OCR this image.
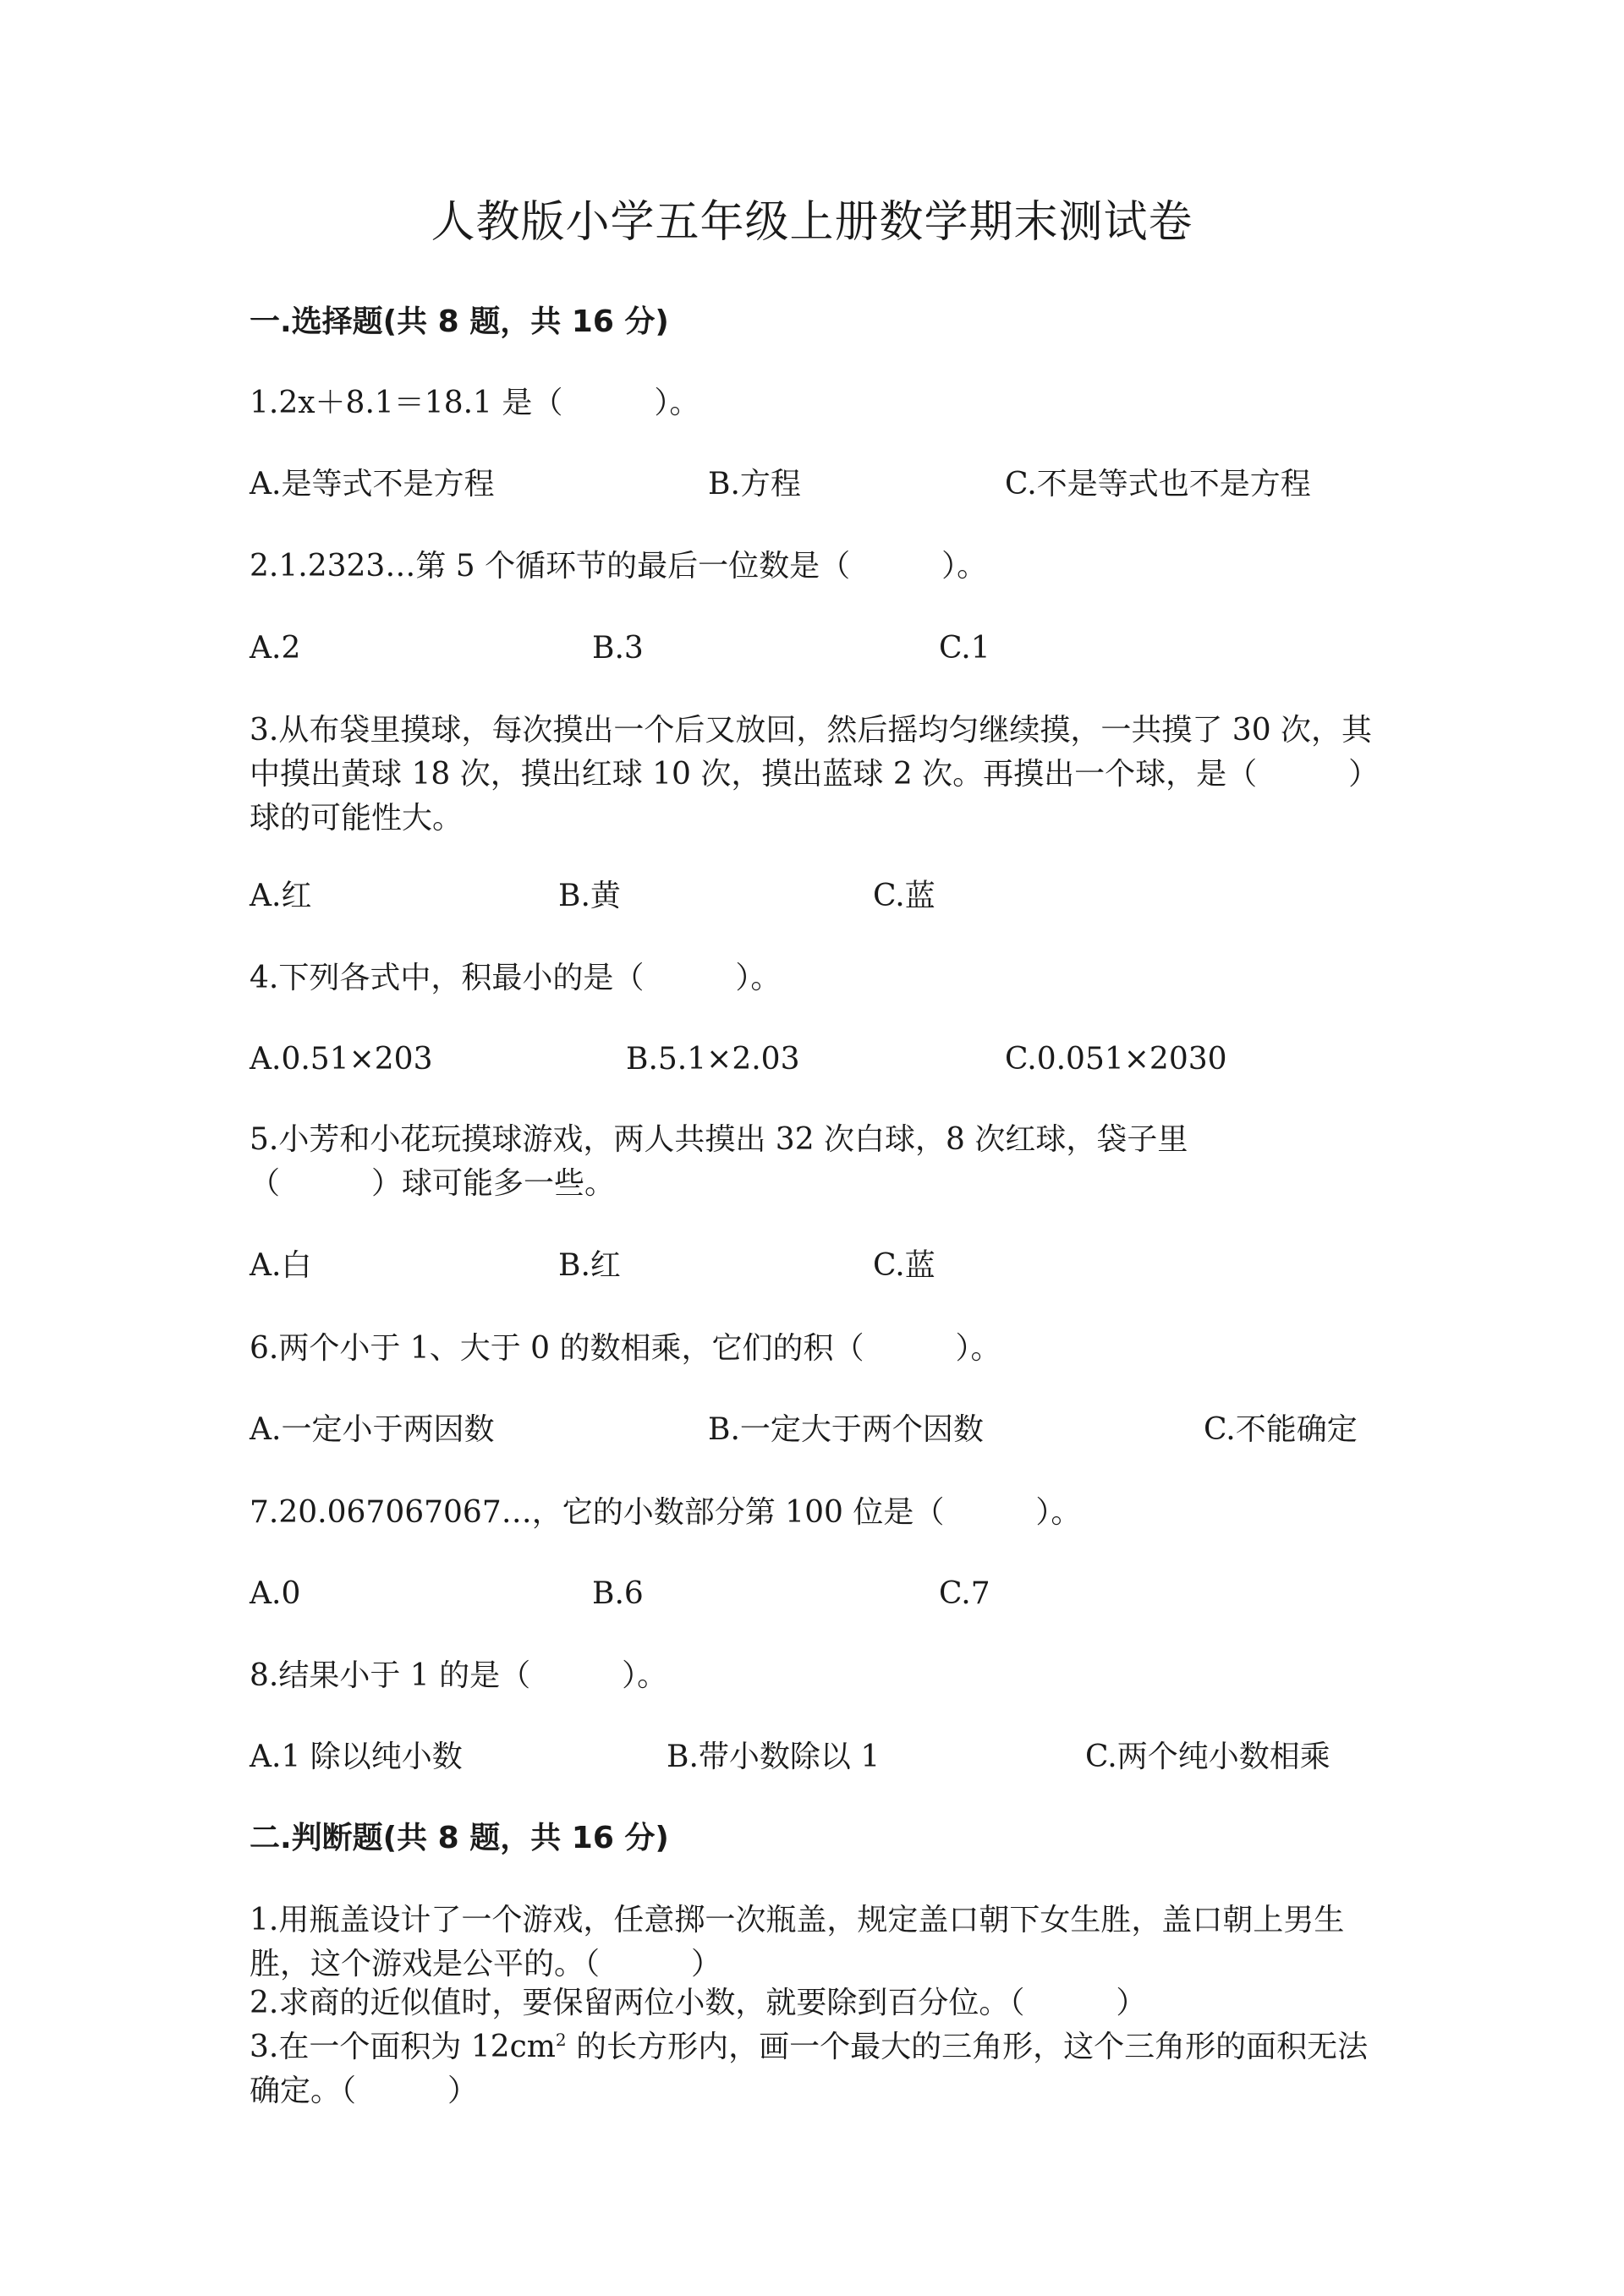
人教版小学五年级上册数学期末测试卷
一.选择题(共 8 题，共 16 分)
1.2x＋8.1＝18.1 是（　　　）。
A.是等式不是方程	B.方程	C.不是等式也不是方程
2.1.2323…第 5 个循环节的最后一位数是（　　　）。
A.2	B.3	C.1
3.从布袋里摸球，每次摸出一个后又放回，然后摇均匀继续摸，一共摸了 30 次，其中摸出黄球 18 次，摸出红球 10 次，摸出蓝球 2 次。再摸出一个球，是（　　　）球的可能性大。
A.红	B.黄	C.蓝
4.下列各式中，积最小的是（　　　）。
A.0.51×203	B.5.1×2.03	C.0.051×2030
5.小芳和小花玩摸球游戏，两人共摸出 32 次白球，8 次红球，袋子里（　　　）球可能多一些。
A.白	B.红	C.蓝
6.两个小于 1、大于 0 的数相乘，它们的积（　　　）。
A.一定小于两因数	B.一定大于两个因数	C.不能确定
7.20.067067067…，它的小数部分第 100 位是（　　　）。
A.0	B.6	C.7
8.结果小于 1 的是（　　　）。
A.1 除以纯小数	B.带小数除以 1	C.两个纯小数相乘
二.判断题(共 8 题，共 16 分)
1.用瓶盖设计了一个游戏，任意掷一次瓶盖，规定盖口朝下女生胜，盖口朝上男生胜，这个游戏是公平的。（　　　）
2.求商的近似值时，要保留两位小数，就要除到百分位。（　　　）
3.在一个面积为 $12cm^2$ 的长方形内，画一个最大的三角形，这个三角形的面积无法确定。（　　　）
